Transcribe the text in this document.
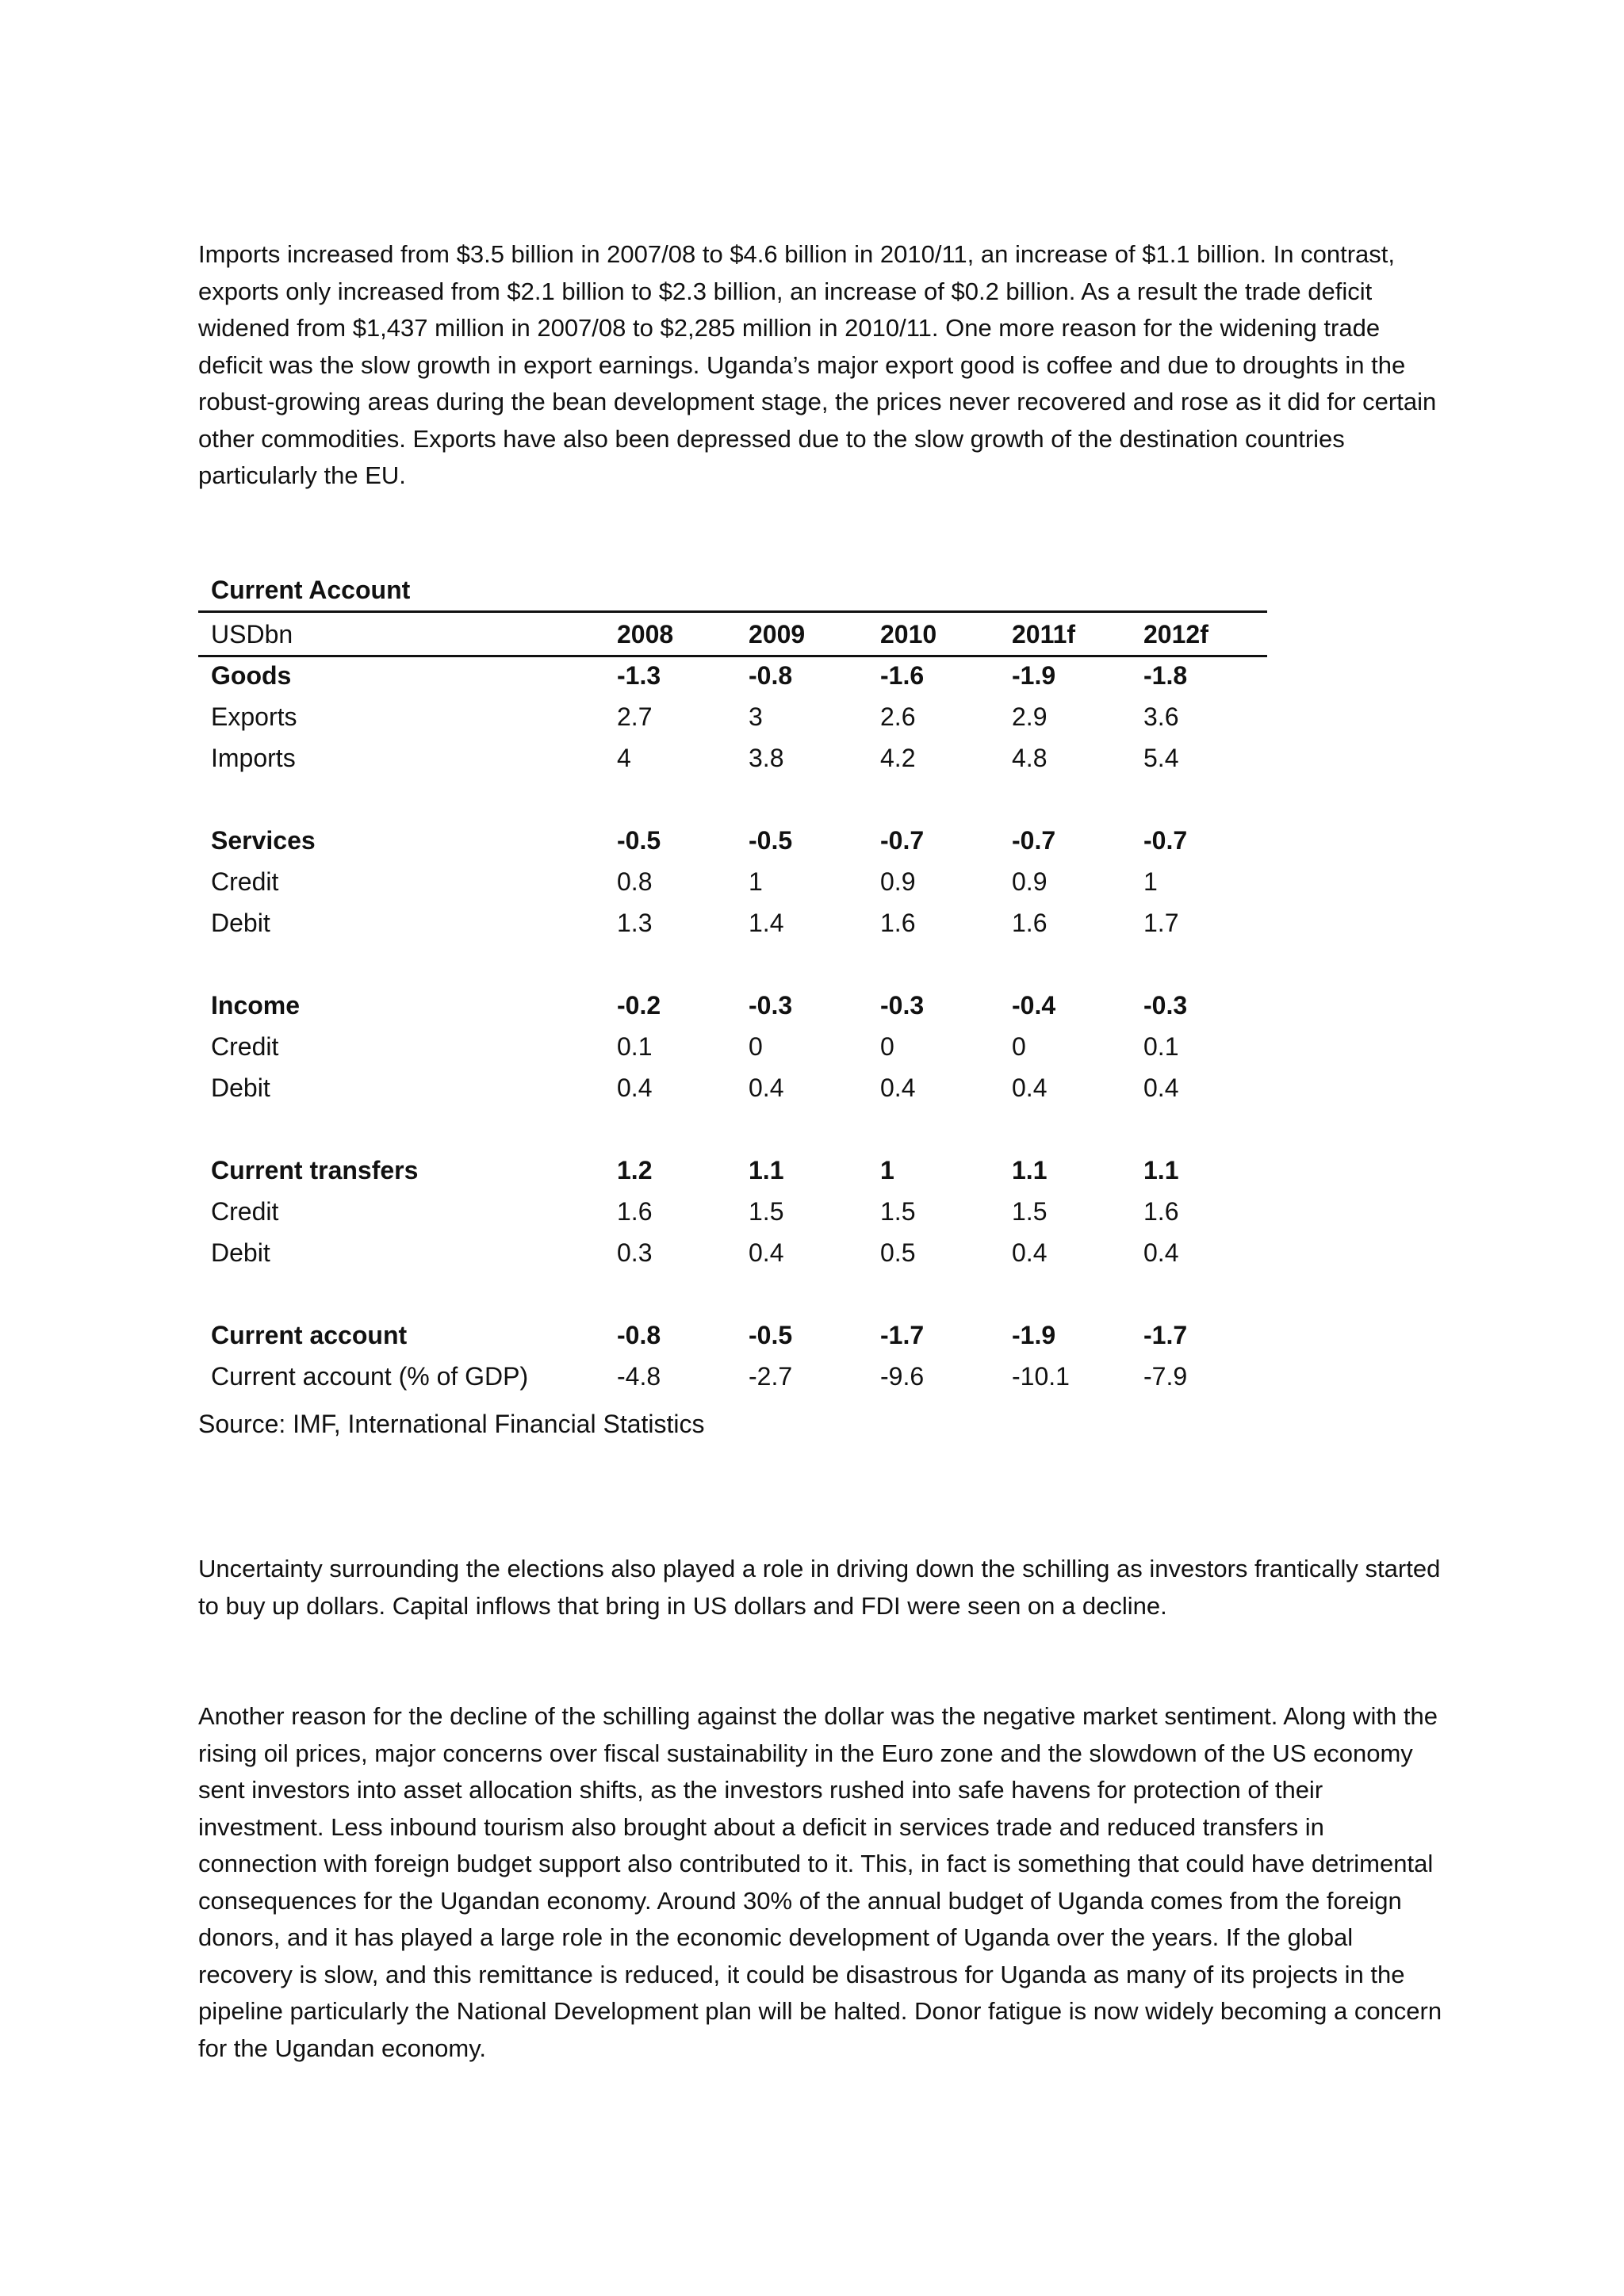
Imports increased from $3.5 billion in 2007/08 to $4.6 billion in 2010/11, an increase of $1.1 billion. In contrast, exports only increased from $2.1 billion to $2.3 billion, an increase of $0.2 billion. As a result the trade deficit widened from $1,437 million in 2007/08 to $2,285 million in 2010/11. One more reason for the widening trade deficit was the slow growth in export earnings. Uganda’s major export good is coffee and due to droughts in the robust-growing areas during the bean development stage, the prices never recovered and rose as it did for certain other commodities. Exports have also been depressed due to the slow growth of the destination countries particularly the EU.

Current Account
USDbn	2008	2009	2010	2011f	2012f
Goods	-1.3	-0.8	-1.6	-1.9	-1.8
Exports	2.7	3	2.6	2.9	3.6
Imports	4	3.8	4.2	4.8	5.4

Services	-0.5	-0.5	-0.7	-0.7	-0.7
Credit	0.8	1	0.9	0.9	1
Debit	1.3	1.4	1.6	1.6	1.7

Income	-0.2	-0.3	-0.3	-0.4	-0.3
Credit	0.1	0	0	0	0.1
Debit	0.4	0.4	0.4	0.4	0.4

Current transfers	1.2	1.1	1	1.1	1.1
Credit	1.6	1.5	1.5	1.5	1.6
Debit	0.3	0.4	0.5	0.4	0.4

Current account	-0.8	-0.5	-1.7	-1.9	-1.7
Current account (% of GDP)	-4.8	-2.7	-9.6	-10.1	-7.9
Source: IMF, International Financial Statistics

Uncertainty surrounding the elections also played a role in driving down the schilling as investors frantically started to buy up dollars. Capital inflows that bring in US dollars and FDI were seen on a decline.

Another reason for the decline of the schilling against the dollar was the negative market sentiment. Along with the rising oil prices, major concerns over fiscal sustainability in the Euro zone and the slowdown of the US economy sent investors into asset allocation shifts, as the investors rushed into safe havens for protection of their investment. Less inbound tourism also brought about a deficit in services trade and reduced transfers in connection with foreign budget support also contributed to it. This, in fact is something that could have detrimental consequences for the Ugandan economy. Around 30% of the annual budget of Uganda comes from the foreign donors, and it has played a large role in the economic development of Uganda over the years. If the global recovery is slow, and this remittance is reduced, it could be disastrous for Uganda as many of its projects in the pipeline particularly the National Development plan will be halted. Donor fatigue is now widely becoming a concern for the Ugandan economy.
